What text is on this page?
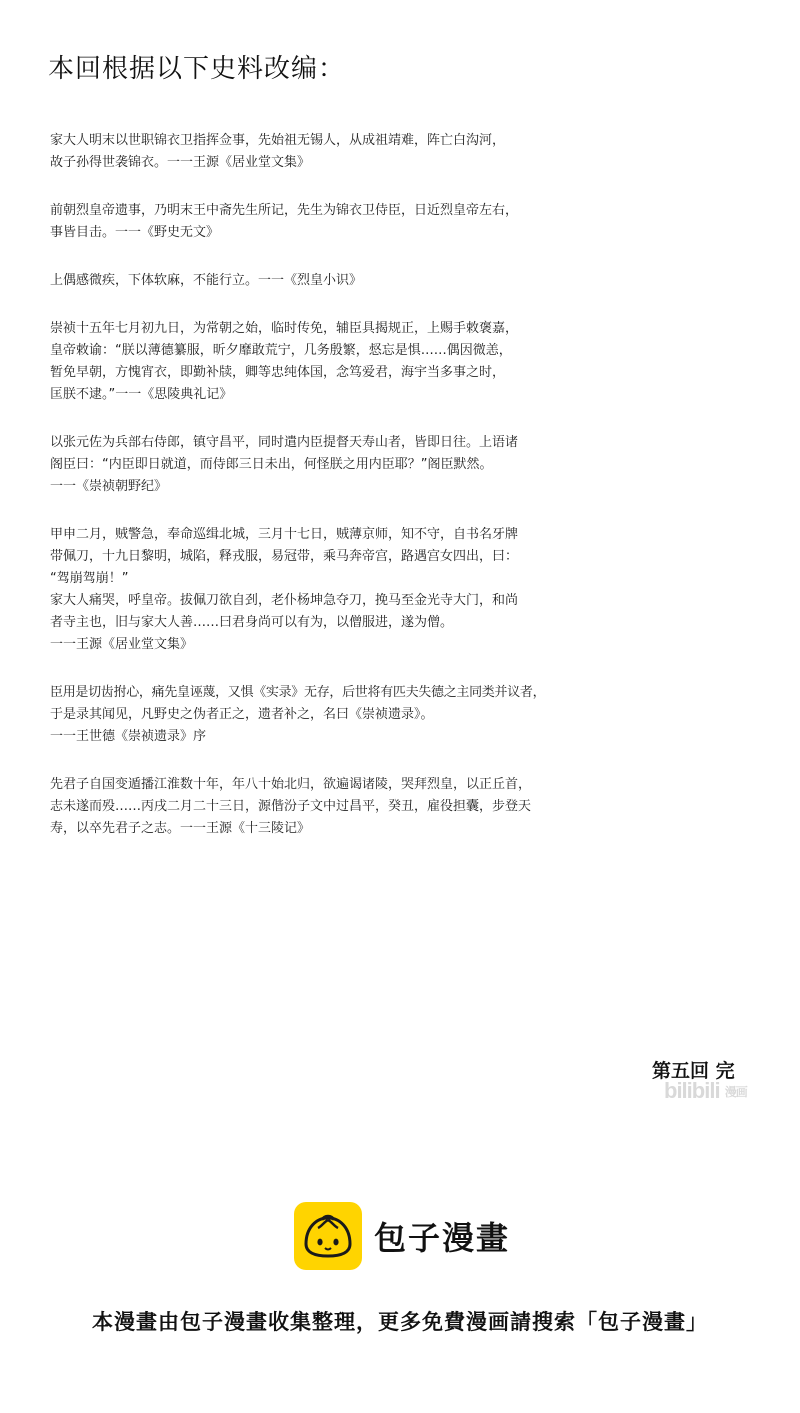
本回根据以下史料改编：
家大人明末以世职锦衣卫指挥佥事，先始祖无锡人，从成祖靖难，阵亡白沟河，
故子孙得世袭锦衣。一一王源《居业堂文集》
前朝烈皇帝遗事，乃明末王中斋先生所记，先生为锦衣卫侍臣，日近烈皇帝左右，
事皆目击。一一《野史无文》
上偶感微疾，下体软麻，不能行立。一一《烈皇小识》
崇祯十五年七月初九日，为常朝之始，临时传免，辅臣具揭规正，上赐手敕褒嘉，
皇帝敕谕：“朕以薄德纂服，昕夕靡敢荒宁，几务殷繁，惄忘是惧……偶因微恙，
暂免早朝，方愧宵衣，即勤补牍，卿等忠纯体国，念笃爱君，海宇当多事之时，
匡朕不逮。”一一《思陵典礼记》
以张元佐为兵部右侍郎，镇守昌平，同时遣内臣提督天寿山者，皆即日往。上语诸
阁臣曰：“内臣即日就道，而侍郎三日未出，何怪朕之用内臣耶？”阁臣默然。
一一《崇祯朝野纪》
甲申二月，贼警急，奉命巡缉北城，三月十七日，贼薄京师，知不守，自书名牙牌
带佩刀，十九日黎明，城陷，释戎服，易冠带，乘马奔帝宫，路遇宫女四出，曰：
“驾崩驾崩！”
家大人痛哭，呼皇帝。拔佩刀欲自刭，老仆杨坤急夺刀，挽马至金光寺大门，和尚
者寺主也，旧与家大人善……曰君身尚可以有为，以僧服进，遂为僧。
一一王源《居业堂文集》
臣用是切齿拊心，痛先皇诬蔑，又惧《实录》无存，后世将有匹夫失德之主同类并议者，
于是录其闻见，凡野史之伪者正之，遗者补之，名曰《崇祯遗录》。
一一王世德《崇祯遗录》序
先君子自国变遁播江淮数十年，年八十始北归，欲遍谒诸陵，哭拜烈皇，以正丘首，
志未遂而殁……丙戌二月二十三日，源偕汾子文中过昌平，癸丑，雇役担囊，步登天
寿，以卒先君子之志。一一王源《十三陵记》
第五回 完
bilibili 漫画
包子漫畫
本漫畫由包子漫畫收集整理，更多免費漫画請搜索「包子漫畫」
